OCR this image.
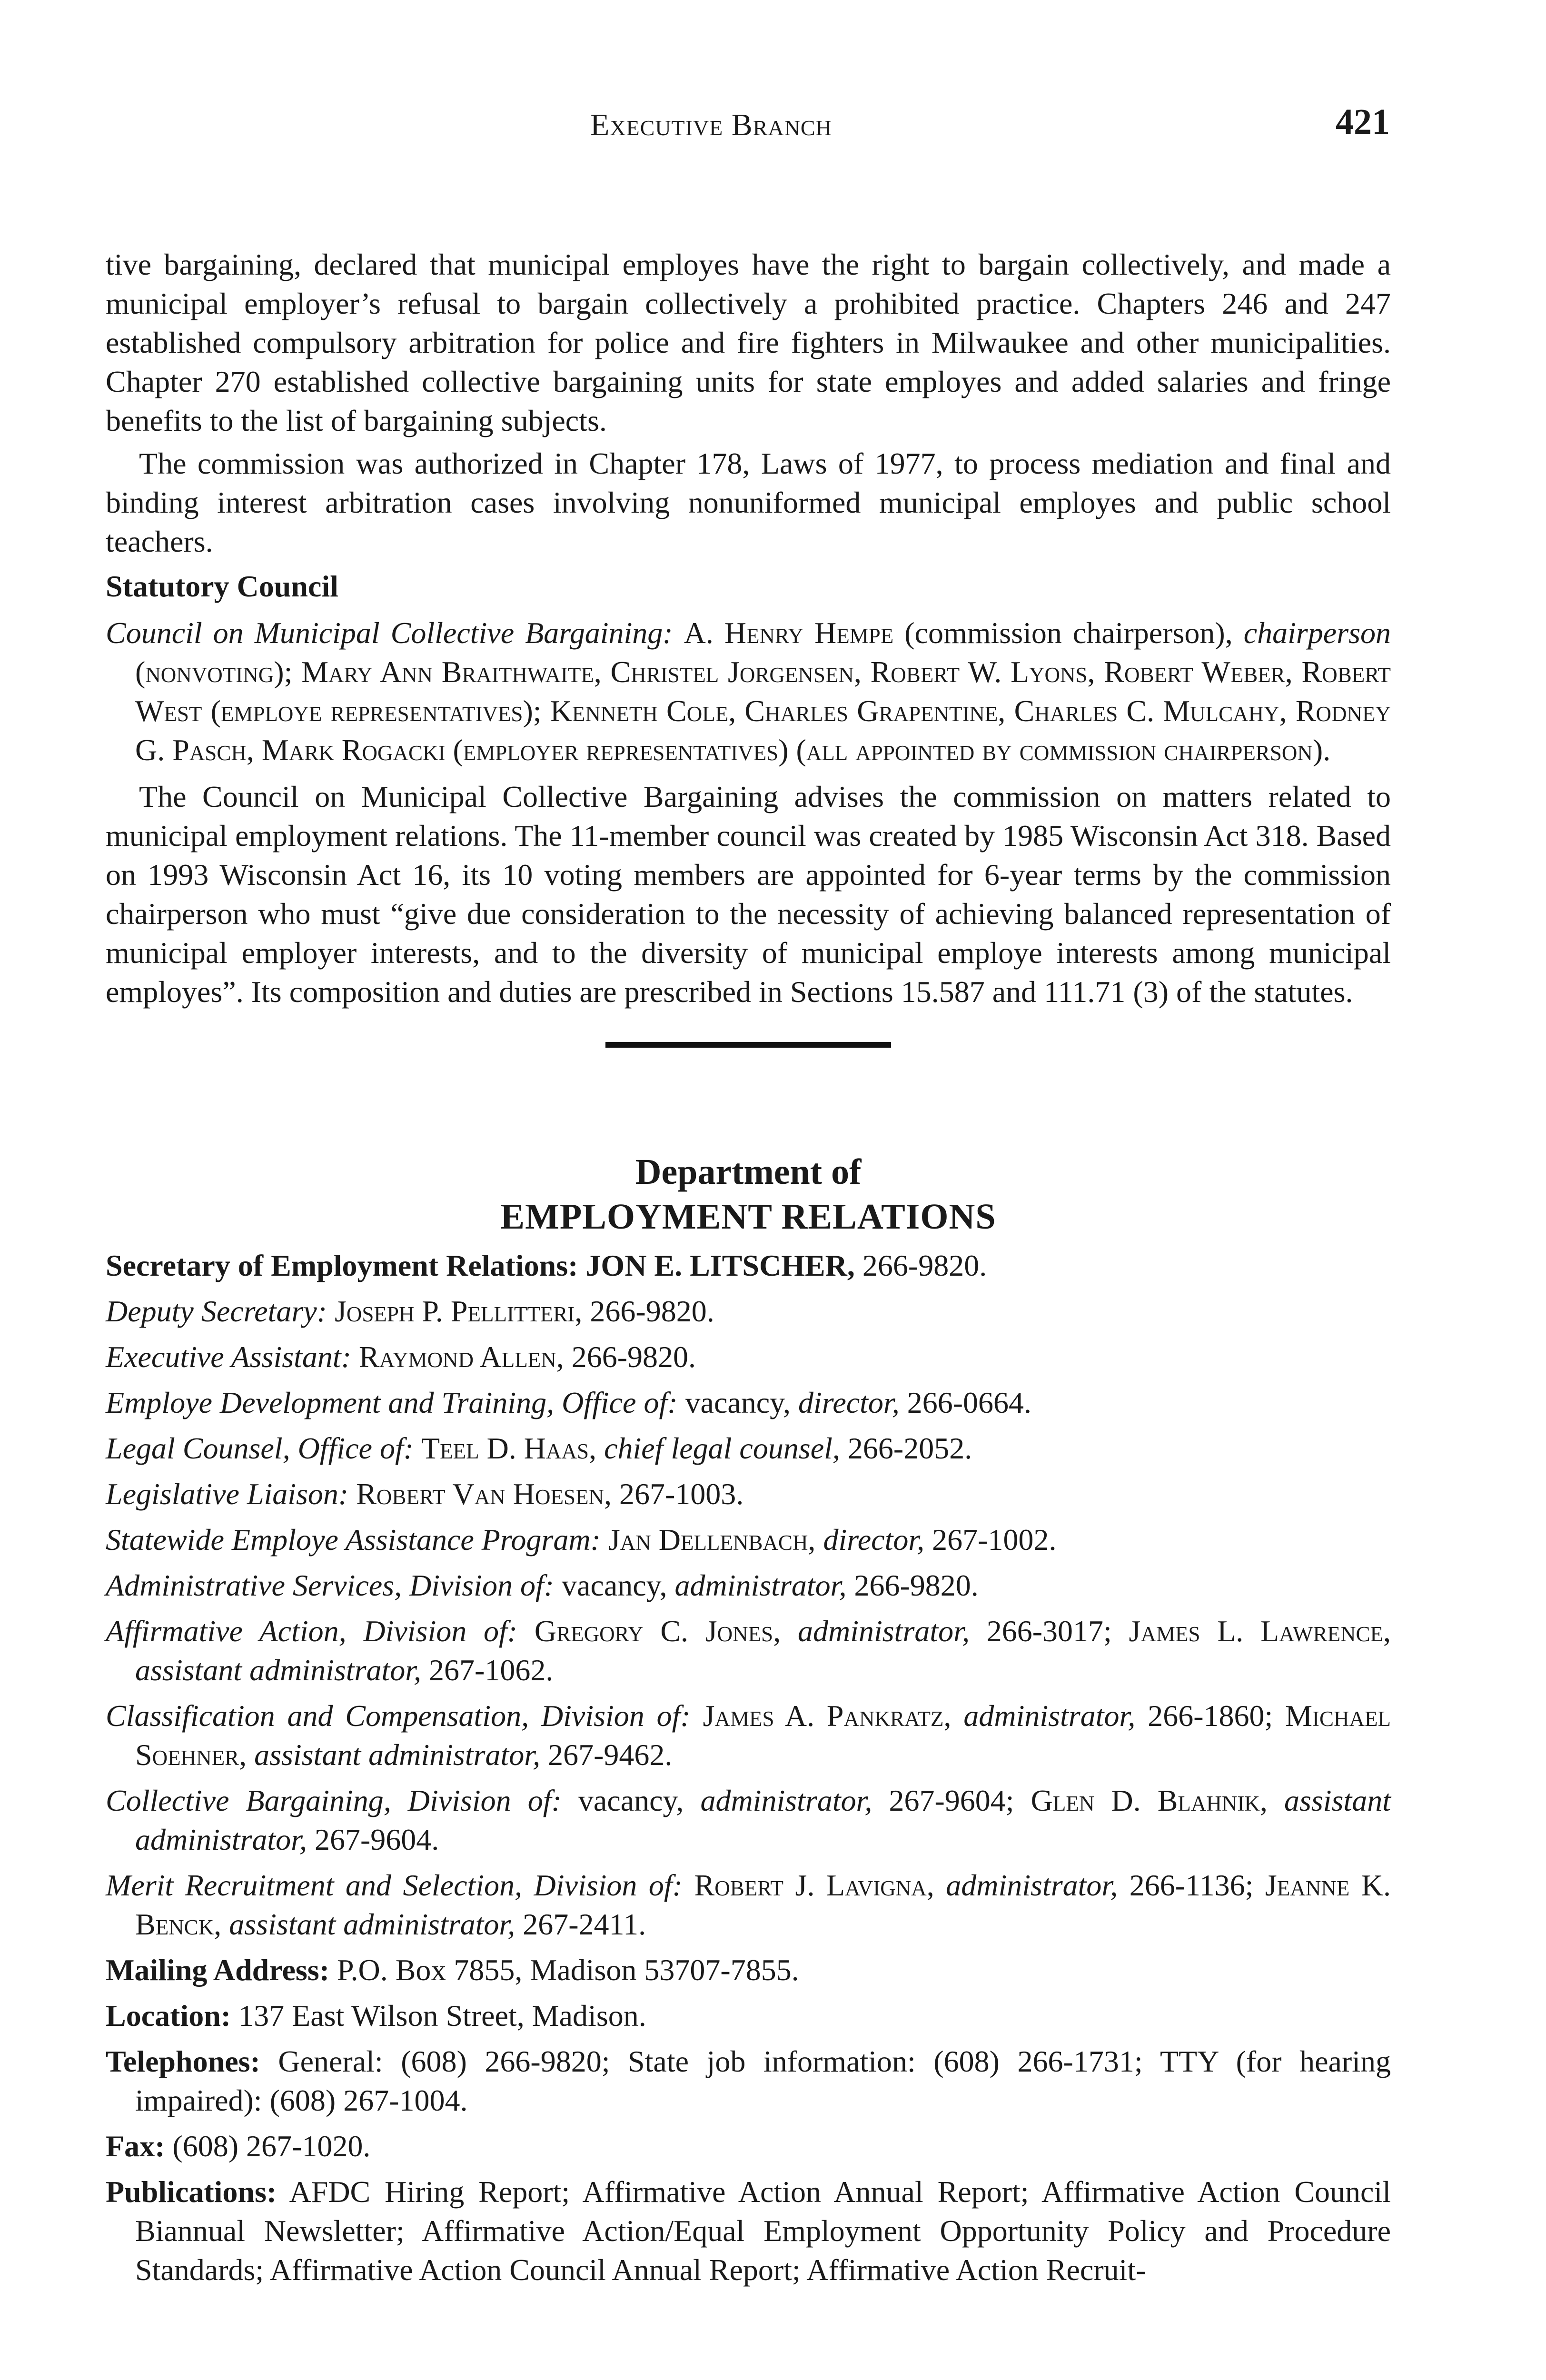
Executive Branch	421

tive bargaining, declared that municipal employes have the right to bargain collectively, and made a municipal employer’s refusal to bargain collectively a prohibited practice. Chapters 246 and 247 established compulsory arbitration for police and fire fighters in Milwaukee and other municipalities. Chapter 270 established collective bargaining units for state employes and added salaries and fringe benefits to the list of bargaining subjects.

The commission was authorized in Chapter 178, Laws of 1977, to process mediation and final and binding interest arbitration cases involving nonuniformed municipal employes and public school teachers.

Statutory Council
Council on Municipal Collective Bargaining: A. Henry Hempe (commission chairperson), chairperson (nonvoting); Mary Ann Braithwaite, Christel Jorgensen, Robert W. Lyons, Robert Weber, Robert West (employe representatives); Kenneth Cole, Charles Grapentine, Charles C. Mulcahy, Rodney G. Pasch, Mark Rogacki (employer representatives) (all appointed by commission chairperson).

The Council on Municipal Collective Bargaining advises the commission on matters related to municipal employment relations. The 11-member council was created by 1985 Wisconsin Act 318. Based on 1993 Wisconsin Act 16, its 10 voting members are appointed for 6-year terms by the commission chairperson who must “give due consideration to the necessity of achieving balanced representation of municipal employer interests, and to the diversity of municipal employe interests among municipal employes”. Its composition and duties are prescribed in Sections 15.587 and 111.71 (3) of the statutes.

Department of
EMPLOYMENT RELATIONS
Secretary of Employment Relations: JON E. LITSCHER, 266-9820.
Deputy Secretary: Joseph P. Pellitteri, 266-9820.
Executive Assistant: Raymond Allen, 266-9820.
Employe Development and Training, Office of: vacancy, director, 266-0664.
Legal Counsel, Office of: Teel D. Haas, chief legal counsel, 266-2052.
Legislative Liaison: Robert Van Hoesen, 267-1003.
Statewide Employe Assistance Program: Jan Dellenbach, director, 267-1002.
Administrative Services, Division of: vacancy, administrator, 266-9820.
Affirmative Action, Division of: Gregory C. Jones, administrator, 266-3017; James L. Lawrence, assistant administrator, 267-1062.
Classification and Compensation, Division of: James A. Pankratz, administrator, 266-1860; Michael Soehner, assistant administrator, 267-9462.
Collective Bargaining, Division of: vacancy, administrator, 267-9604; Glen D. Blahnik, assistant administrator, 267-9604.
Merit Recruitment and Selection, Division of: Robert J. Lavigna, administrator, 266-1136; Jeanne K. Benck, assistant administrator, 267-2411.
Mailing Address: P.O. Box 7855, Madison 53707-7855.
Location: 137 East Wilson Street, Madison.
Telephones: General: (608) 266-9820; State job information: (608) 266-1731; TTY (for hearing impaired): (608) 267-1004.
Fax: (608) 267-1020.
Publications: AFDC Hiring Report; Affirmative Action Annual Report; Affirmative Action Council Biannual Newsletter; Affirmative Action/Equal Employment Opportunity Policy and Procedure Standards; Affirmative Action Council Annual Report; Affirmative Action Recruit-
